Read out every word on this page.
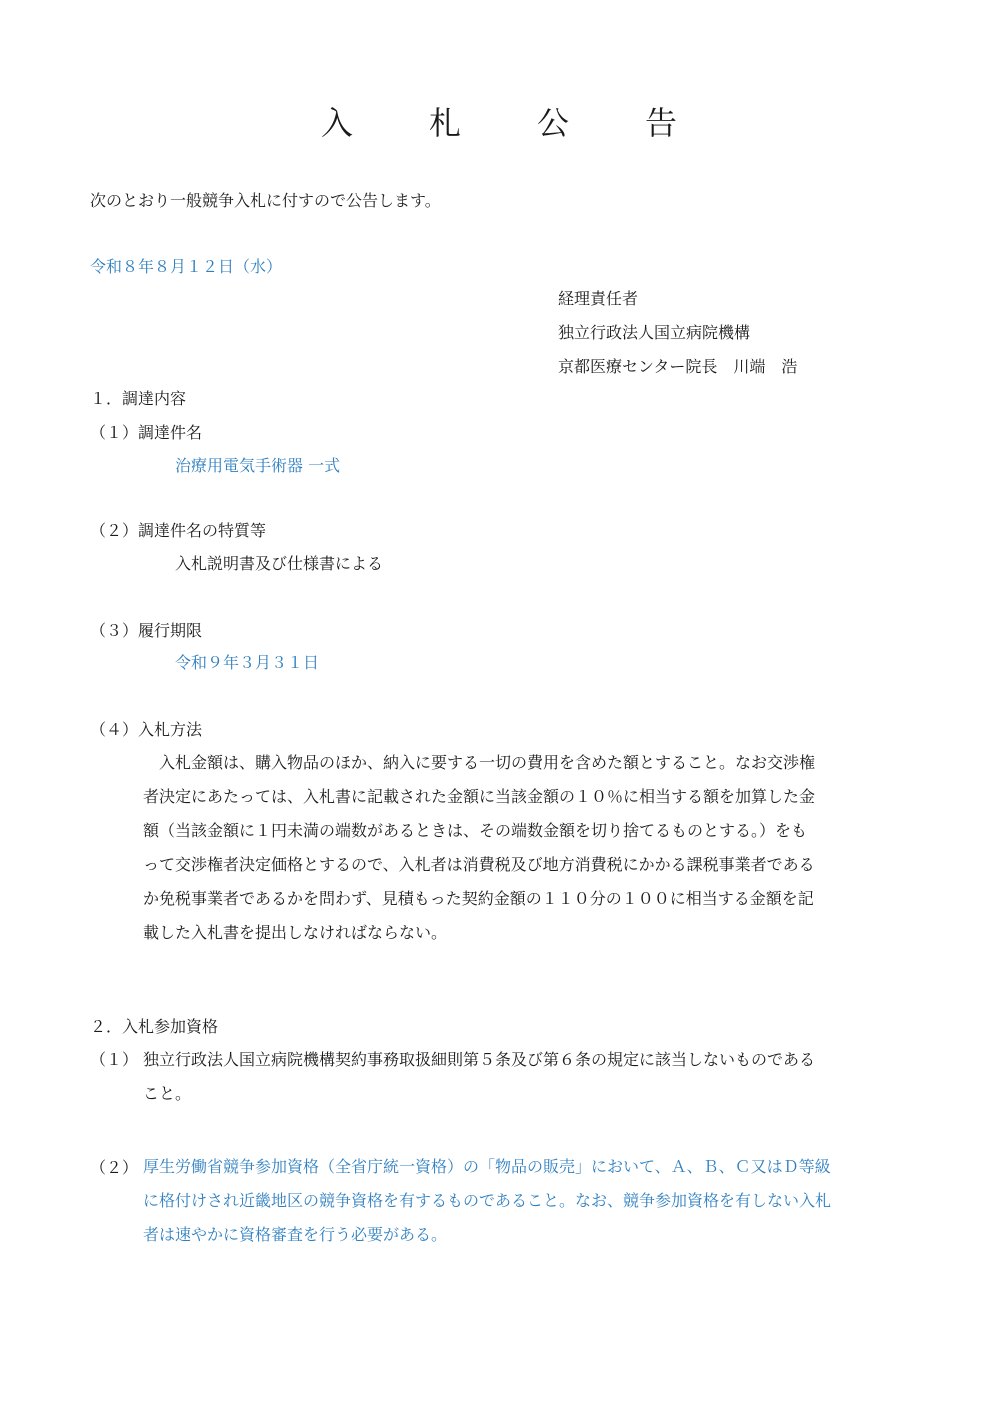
入 札 公 告
次のとおり一般競争入札に付すので公告します。
令和８年８月１２日（水）
経理責任者
独立行政法人国立病院機構
京都医療センター院長　川端　浩
１．調達内容
（１）調達件名
治療用電気手術器 一式
（２）調達件名の特質等
入札説明書及び仕様書による
（３）履行期限
令和９年３月３１日
（４）入札方法
　入札金額は、購入物品のほか、納入に要する一切の費用を含めた額とすること。なお交渉権
者決定にあたっては、入札書に記載された金額に当該金額の１０％に相当する額を加算した金
額（当該金額に１円未満の端数があるときは、その端数金額を切り捨てるものとする。）をも
って交渉権者決定価格とするので、入札者は消費税及び地方消費税にかかる課税事業者である
か免税事業者であるかを問わず、見積もった契約金額の１１０分の１００に相当する金額を記
載した入札書を提出しなければならない。
２．入札参加資格
（１） 独立行政法人国立病院機構契約事務取扱細則第５条及び第６条の規定に該当しないものである
こと。
（２） 厚生労働省競争参加資格（全省庁統一資格）の「物品の販売」において、Ａ、Ｂ、Ｃ又はＤ等級
に格付けされ近畿地区の競争資格を有するものであること。なお、競争参加資格を有しない入札
者は速やかに資格審査を行う必要がある。
